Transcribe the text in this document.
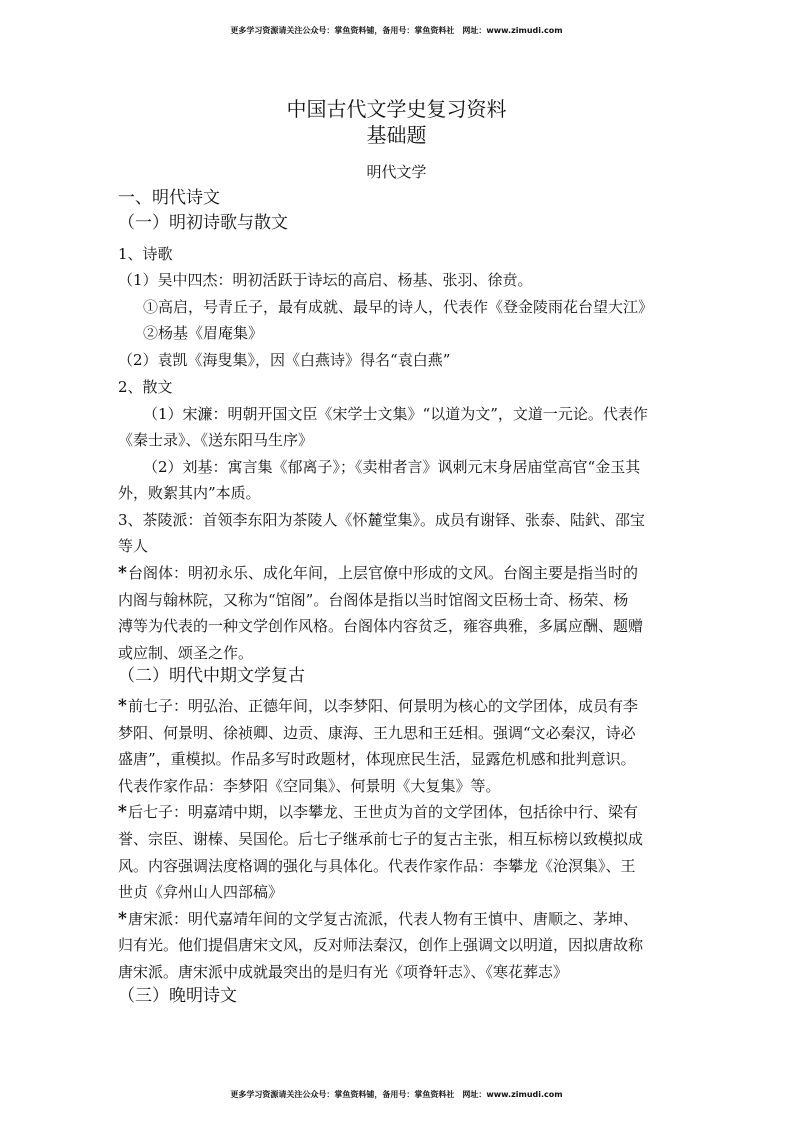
更多学习资源请关注公众号：掌鱼资料铺，备用号：掌鱼资料社　网址：www.zimudi.com
中国古代文学史复习资料
基础题
明代文学
一、明代诗文
（一）明初诗歌与散文
1、诗歌
（1）吴中四杰：明初活跃于诗坛的高启、杨基、张羽、徐贲。
①高启，号青丘子，最有成就、最早的诗人，代表作《登金陵雨花台望大江》
②杨基《眉庵集》
（2）袁凯《海叟集》，因《白燕诗》得名“袁白燕”
2、散文
（1）宋濂：明朝开国文臣《宋学士文集》“以道为文”，文道一元论。代表作
《秦士录》、《送东阳马生序》
（2）刘基：寓言集《郁离子》；《卖柑者言》讽刺元末身居庙堂高官“金玉其
外，败絮其内”本质。
3、茶陵派：首领李东阳为茶陵人《怀麓堂集》。成员有谢铎、张泰、陆釴、邵宝
等人
* 台阁体：明初永乐、成化年间，上层官僚中形成的文风。台阁主要是指当时的
内阁与翰林院，又称为“馆阁”。台阁体是指以当时馆阁文臣杨士奇、杨荣、杨
溥等为代表的一种文学创作风格。台阁体内容贫乏，雍容典雅，多属应酬、题赠
或应制、颂圣之作。
（二）明代中期文学复古
* 前七子：明弘治、正德年间，以李梦阳、何景明为核心的文学团体，成员有李
梦阳、何景明、徐祯卿、边贡、康海、王九思和王廷相。强调“文必秦汉，诗必
盛唐”，重模拟。作品多写时政题材，体现庶民生活，显露危机感和批判意识。
代表作家作品：李梦阳《空同集》、何景明《大复集》等。
* 后七子：明嘉靖中期，以李攀龙、王世贞为首的文学团体，包括徐中行、梁有
誉、宗臣、谢榛、吴国伦。后七子继承前七子的复古主张，相互标榜以致模拟成
风。内容强调法度格调的强化与具体化。代表作家作品：李攀龙《沧溟集》、王
世贞《弇州山人四部稿》
* 唐宋派：明代嘉靖年间的文学复古流派，代表人物有王慎中、唐顺之、茅坤、
归有光。他们提倡唐宋文风，反对师法秦汉，创作上强调文以明道，因拟唐故称
唐宋派。唐宋派中成就最突出的是归有光《项脊轩志》、《寒花葬志》
（三）晚明诗文
更多学习资源请关注公众号：掌鱼资料铺，备用号：掌鱼资料社　网址：www.zimudi.com
